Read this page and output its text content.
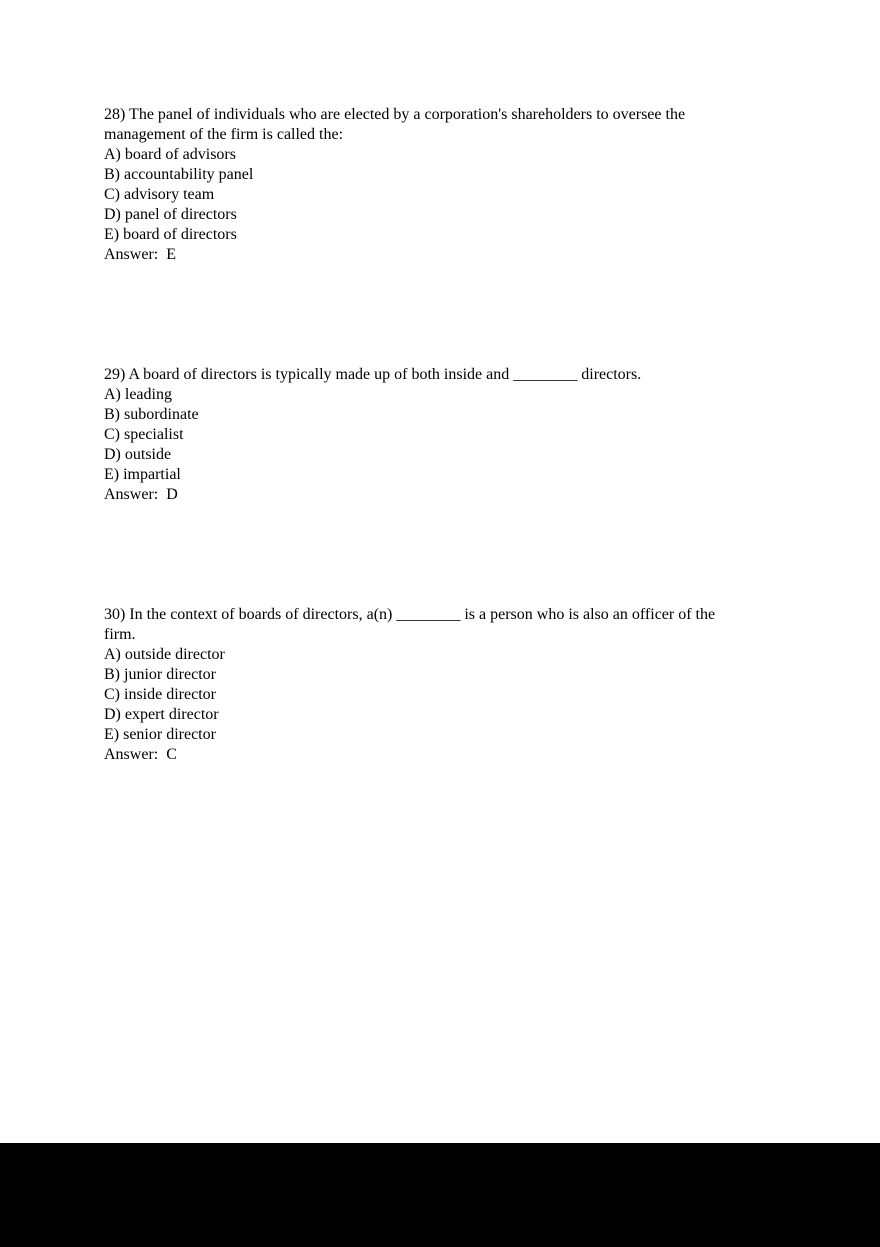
28) The panel of individuals who are elected by a corporation's shareholders to oversee the
management of the firm is called the:
A) board of advisors
B) accountability panel
C) advisory team
D) panel of directors
E) board of directors
Answer:  E
29) A board of directors is typically made up of both inside and ________ directors.
A) leading
B) subordinate
C) specialist
D) outside
E) impartial
Answer:  D
30) In the context of boards of directors, a(n) ________ is a person who is also an officer of the
firm.
A) outside director
B) junior director
C) inside director
D) expert director
E) senior director
Answer:  C
